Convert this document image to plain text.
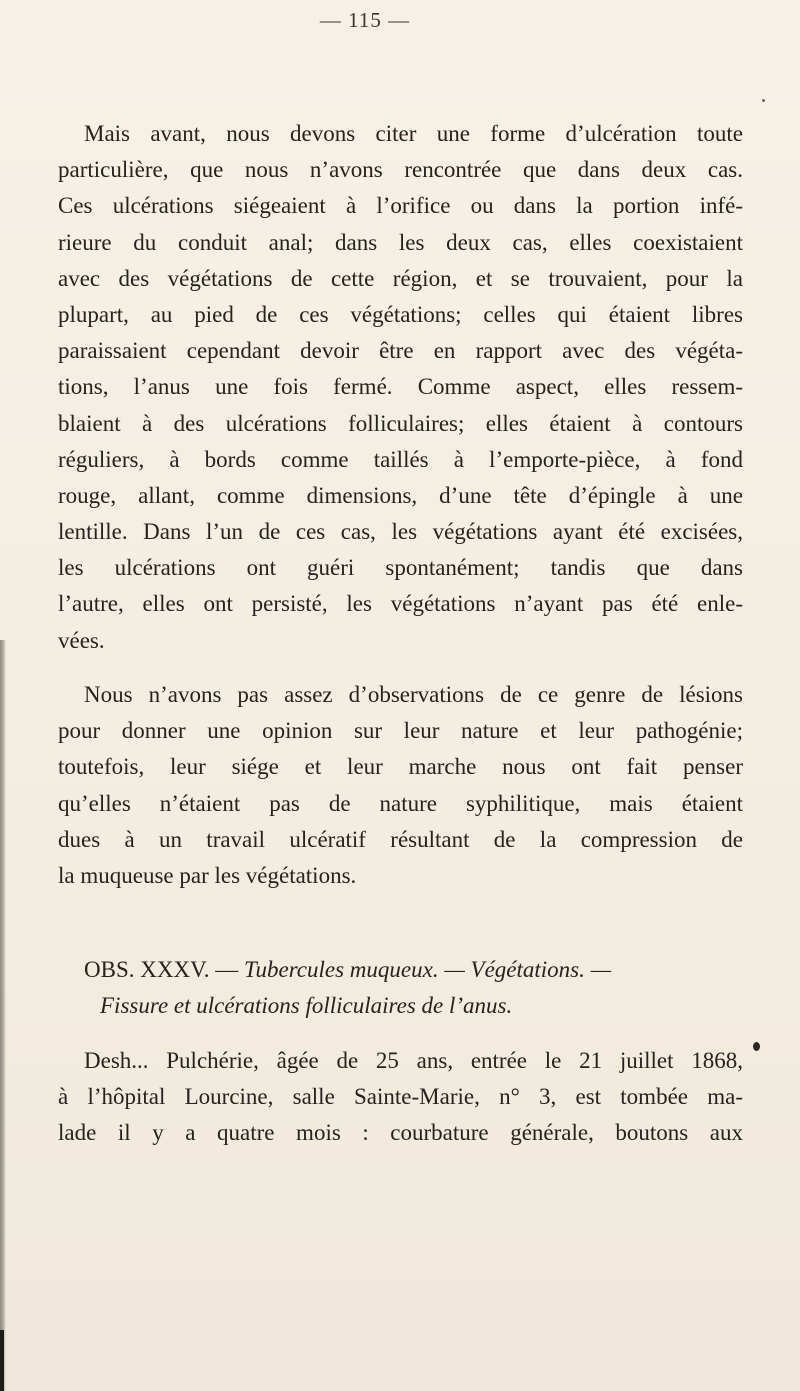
— 115 —
Mais avant, nous devons citer une forme d’ulcération toute
particulière, que nous n’avons rencontrée que dans deux cas.
Ces ulcérations siégeaient à l’orifice ou dans la portion infé-
rieure du conduit anal; dans les deux cas, elles coexistaient
avec des végétations de cette région, et se trouvaient, pour la
plupart, au pied de ces végétations; celles qui étaient libres
paraissaient cependant devoir être en rapport avec des végéta-
tions, l’anus une fois fermé. Comme aspect, elles ressem-
blaient à des ulcérations folliculaires; elles étaient à contours
réguliers, à bords comme taillés à l’emporte-pièce, à fond
rouge, allant, comme dimensions, d’une tête d’épingle à une
lentille. Dans l’un de ces cas, les végétations ayant été excisées,
les ulcérations ont guéri spontanément; tandis que dans
l’autre, elles ont persisté, les végétations n’ayant pas été enle-
vées.
Nous n’avons pas assez d’observations de ce genre de lésions
pour donner une opinion sur leur nature et leur pathogénie;
toutefois, leur siége et leur marche nous ont fait penser
qu’elles n’étaient pas de nature syphilitique, mais étaient
dues à un travail ulcératif résultant de la compression de
la muqueuse par les végétations.
OBS. XXXV. — Tubercules muqueux. — Végétations. —
Fissure et ulcérations folliculaires de l’anus.
Desh... Pulchérie, âgée de 25 ans, entrée le 21 juillet 1868,
à l’hôpital Lourcine, salle Sainte-Marie, n° 3, est tombée ma-
lade il y a quatre mois : courbature générale, boutons aux
